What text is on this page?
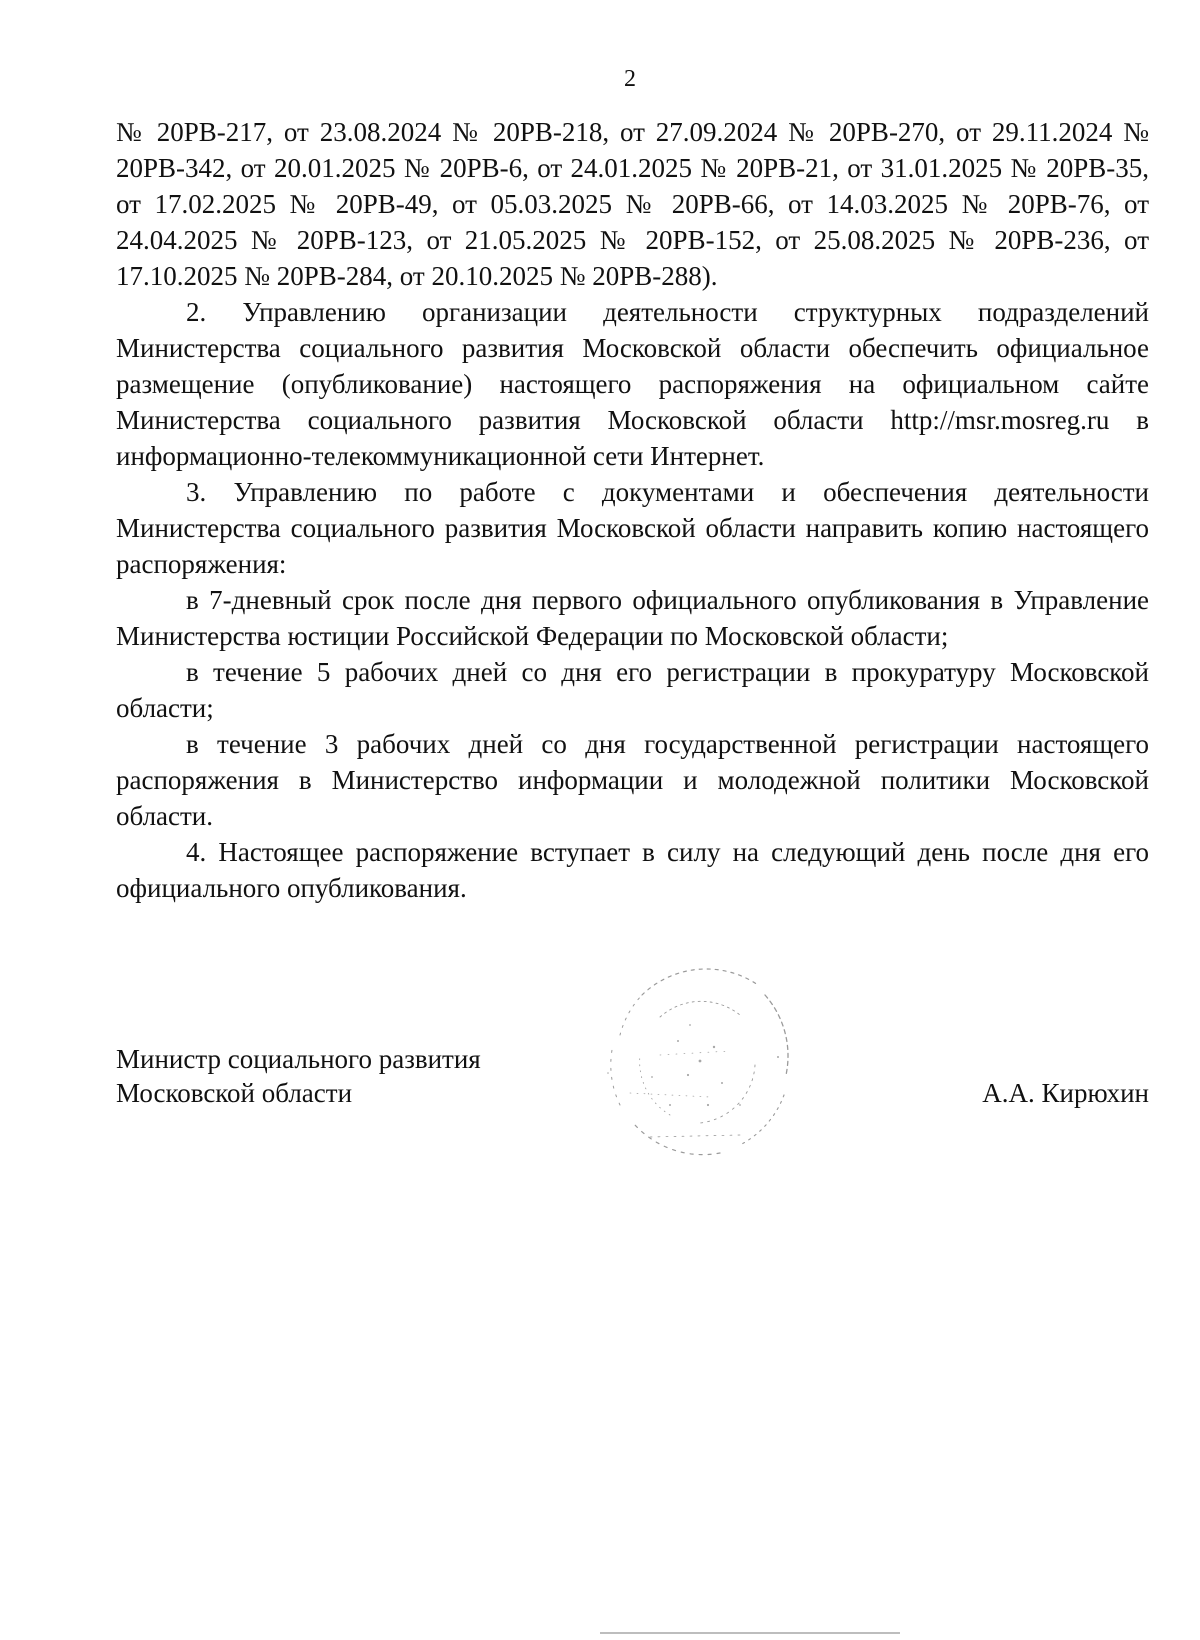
2

№ 20РВ-217, от 23.08.2024 № 20РВ-218, от 27.09.2024 № 20РВ-270, от 29.11.2024 № 20РВ-342, от 20.01.2025 № 20РВ-6, от 24.01.2025 № 20РВ-21, от 31.01.2025 № 20РВ-35, от 17.02.2025 № 20РВ-49, от 05.03.2025 № 20РВ-66, от 14.03.2025 № 20РВ-76, от 24.04.2025 № 20РВ-123, от 21.05.2025 № 20РВ-152, от 25.08.2025 № 20РВ-236, от 17.10.2025 № 20РВ-284, от 20.10.2025 № 20РВ-288).

2. Управлению организации деятельности структурных подразделений Министерства социального развития Московской области обеспечить официальное размещение (опубликование) настоящего распоряжения на официальном сайте Министерства социального развития Московской области http://msr.mosreg.ru в информационно-телекоммуникационной сети Интернет.

3. Управлению по работе с документами и обеспечения деятельности Министерства социального развития Московской области направить копию настоящего распоряжения:

в 7-дневный срок после дня первого официального опубликования в Управление Министерства юстиции Российской Федерации по Московской области;

в течение 5 рабочих дней со дня его регистрации в прокуратуру Московской области;

в течение 3 рабочих дней со дня государственной регистрации настоящего распоряжения в Министерство информации и молодежной политики Московской области.

4. Настоящее распоряжение вступает в силу на следующий день после дня его официального опубликования.

Министр социального развития
Московской области	А.А. Кирюхин
